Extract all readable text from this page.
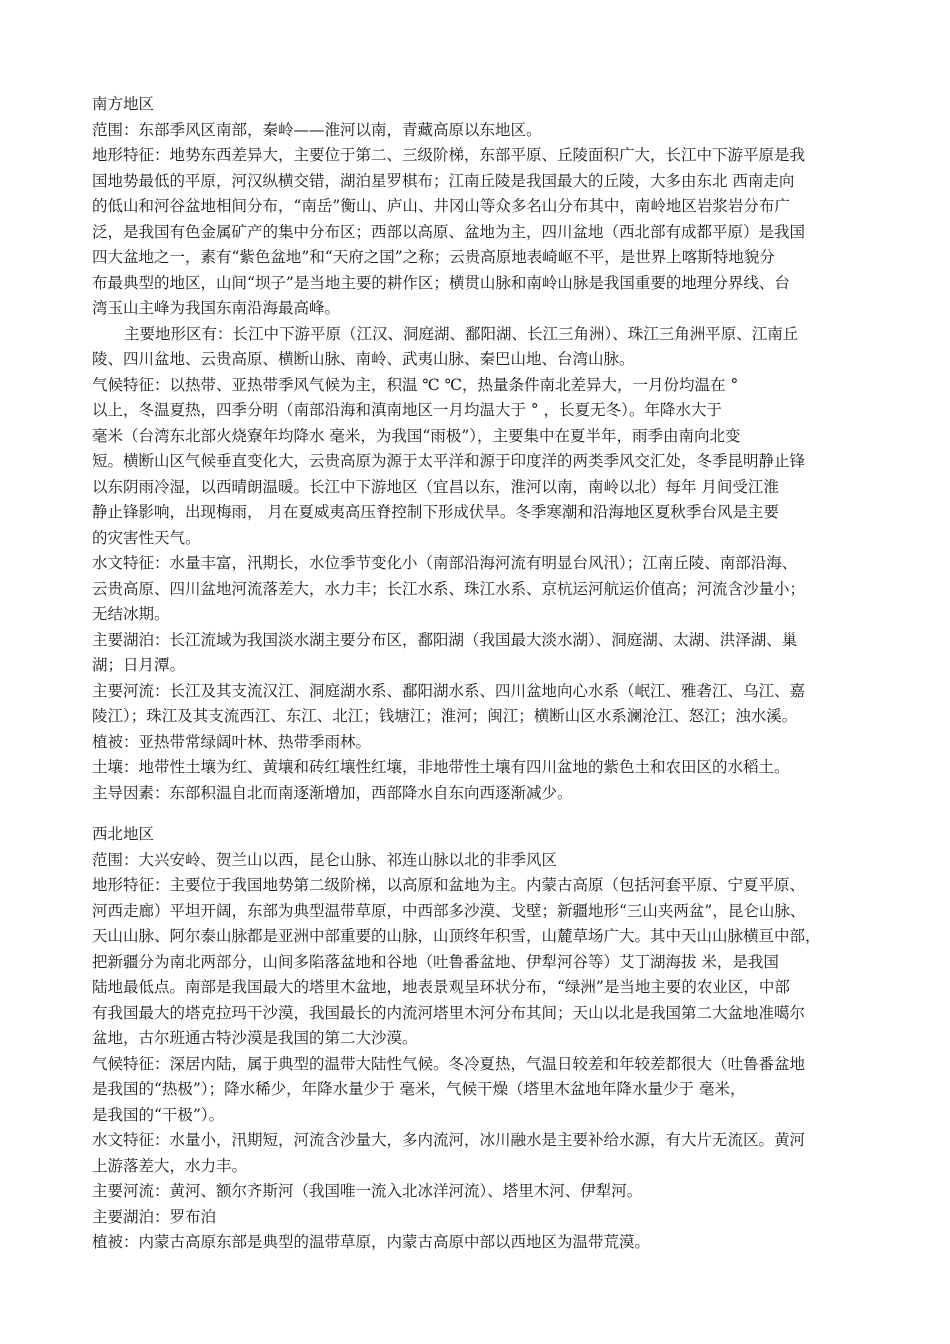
南方地区
范围：东部季风区南部，秦岭——淮河以南，青藏高原以东地区。
地形特征：地势东西差异大，主要位于第二、三级阶梯，东部平原、丘陵面积广大，长江中下游平原是我
国地势最低的平原，河汉纵横交错，湖泊星罗棋布；江南丘陵是我国最大的丘陵，大多由东北 西南走向
的低山和河谷盆地相间分布，“南岳”衡山、庐山、井冈山等众多名山分布其中，南岭地区岩浆岩分布广
泛，是我国有色金属矿产的集中分布区；西部以高原、盆地为主，四川盆地（西北部有成都平原）是我国
四大盆地之一，素有“紫色盆地”和“天府之国”之称；云贵高原地表崎岖不平，是世界上喀斯特地貌分
布最典型的地区，山间“坝子”是当地主要的耕作区；横贯山脉和南岭山脉是我国重要的地理分界线、台
湾玉山主峰为我国东南沿海最高峰。
主要地形区有：长江中下游平原（江汉、洞庭湖、鄱阳湖、长江三角洲）、珠江三角洲平原、江南丘
陵、四川盆地、云贵高原、横断山脉、南岭、武夷山脉、秦巴山地、台湾山脉。
气候特征：以热带、亚热带季风气候为主，积温 ℃ ℃，热量条件南北差异大，一月份均温在 °
以上，冬温夏热，四季分明（南部沿海和滇南地区一月均温大于 ° ，长夏无冬）。年降水大于
毫米（台湾东北部火烧寮年均降水 毫米，为我国“雨极”），主要集中在夏半年，雨季由南向北变
短。横断山区气候垂直变化大，云贵高原为源于太平洋和源于印度洋的两类季风交汇处，冬季昆明静止锋
以东阴雨冷湿，以西晴朗温暖。长江中下游地区（宜昌以东，淮河以南，南岭以北）每年 月间受江淮
静止锋影响，出现梅雨， 月在夏威夷高压脊控制下形成伏旱。冬季寒潮和沿海地区夏秋季台风是主要
的灾害性天气。
水文特征：水量丰富，汛期长，水位季节变化小（南部沿海河流有明显台风汛）；江南丘陵、南部沿海、
云贵高原、四川盆地河流落差大，水力丰；长江水系、珠江水系、京杭运河航运价值高；河流含沙量小；
无结冰期。
主要湖泊：长江流域为我国淡水湖主要分布区，鄱阳湖（我国最大淡水湖）、洞庭湖、太湖、洪泽湖、巢
湖；日月潭。
主要河流：长江及其支流汉江、洞庭湖水系、鄱阳湖水系、四川盆地向心水系（岷江、雅砻江、乌江、嘉
陵江）；珠江及其支流西江、东江、北江；钱塘江；淮河；闽江；横断山区水系澜沧江、怒江；浊水溪。
植被：亚热带常绿阔叶林、热带季雨林。
土壤：地带性土壤为红、黄壤和砖红壤性红壤，非地带性土壤有四川盆地的紫色土和农田区的水稻土。
主导因素：东部积温自北而南逐渐增加，西部降水自东向西逐渐减少。
西北地区
范围：大兴安岭、贺兰山以西，昆仑山脉、祁连山脉以北的非季风区
地形特征：主要位于我国地势第二级阶梯，以高原和盆地为主。内蒙古高原（包括河套平原、宁夏平原、
河西走廊）平坦开阔，东部为典型温带草原，中西部多沙漠、戈壁；新疆地形“三山夹两盆”，昆仑山脉、
天山山脉、阿尔泰山脉都是亚洲中部重要的山脉，山顶终年积雪，山麓草场广大。其中天山山脉横亘中部，
把新疆分为南北两部分，山间多陷落盆地和谷地（吐鲁番盆地、伊犁河谷等）艾丁湖海拔 米，是我国
陆地最低点。南部是我国最大的塔里木盆地，地表景观呈环状分布，“绿洲”是当地主要的农业区，中部
有我国最大的塔克拉玛干沙漠，我国最长的内流河塔里木河分布其间；天山以北是我国第二大盆地准噶尔
盆地，古尔班通古特沙漠是我国的第二大沙漠。
气候特征：深居内陆，属于典型的温带大陆性气候。冬冷夏热，气温日较差和年较差都很大（吐鲁番盆地
是我国的“热极”）；降水稀少，年降水量少于 毫米，气候干燥（塔里木盆地年降水量少于 毫米，
是我国的“干极”）。
水文特征：水量小，汛期短，河流含沙量大，多内流河，冰川融水是主要补给水源，有大片无流区。黄河
上游落差大，水力丰。
主要河流：黄河、额尔齐斯河（我国唯一流入北冰洋河流）、塔里木河、伊犁河。
主要湖泊：罗布泊
植被：内蒙古高原东部是典型的温带草原，内蒙古高原中部以西地区为温带荒漠。
